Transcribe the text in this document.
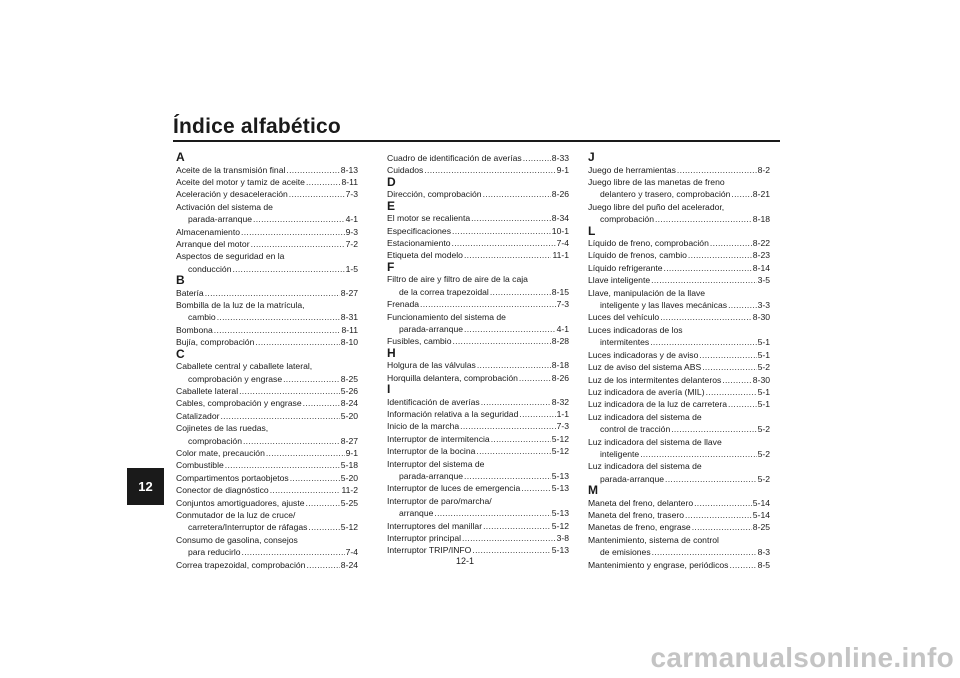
Índice alfabético
12
A
Aceite de la transmisión final .....	8-13
Aceite del motor y tamiz de aceite .....	8-11
Aceleración y desaceleración .....	7-3
Activación del sistema de
parada-arranque .....	4-1
Almacenamiento .....	9-3
Arranque del motor .....	7-2
Aspectos de seguridad en la
conducción .....	1-5
B
Batería .....	8-27
Bombilla de la luz de la matrícula,
cambio .....	8-31
Bombona .....	8-11
Bujía, comprobación .....	8-10
C
Caballete central y caballete lateral,
comprobación y engrase .....	8-25
Caballete lateral .....	5-26
Cables, comprobación y engrase .....	8-24
Catalizador .....	5-20
Cojinetes de las ruedas,
comprobación .....	8-27
Color mate, precaución .....	9-1
Combustible .....	5-18
Compartimentos portaobjetos .....	5-20
Conector de diagnóstico .....	11-2
Conjuntos amortiguadores, ajuste .....	5-25
Conmutador de la luz de cruce/
carretera/Interruptor de ráfagas .....	5-12
Consumo de gasolina, consejos
para reducirlo .....	7-4
Correa trapezoidal, comprobación .....	8-24
Cuadro de identificación de averías .....	8-33
Cuidados .....	9-1
D
Dirección, comprobación .....	8-26
E
El motor se recalienta .....	8-34
Especificaciones .....	10-1
Estacionamiento .....	7-4
Etiqueta del modelo .....	11-1
F
Filtro de aire y filtro de aire de la caja
de la correa trapezoidal .....	8-15
Frenada .....	7-3
Funcionamiento del sistema de
parada-arranque .....	4-1
Fusibles, cambio .....	8-28
H
Holgura de las válvulas .....	8-18
Horquilla delantera, comprobación .....	8-26
I
Identificación de averías .....	8-32
Información relativa a la seguridad .....	1-1
Inicio de la marcha .....	7-3
Interruptor de intermitencia .....	5-12
Interruptor de la bocina .....	5-12
Interruptor del sistema de
parada-arranque .....	5-13
Interruptor de luces de emergencia .....	5-13
Interruptor de paro/marcha/
arranque .....	5-13
Interruptores del manillar .....	5-12
Interruptor principal .....	3-8
Interruptor TRIP/INFO .....	5-13
J
Juego de herramientas .....	8-2
Juego libre de las manetas de freno
delantero y trasero, comprobación .....	8-21
Juego libre del puño del acelerador,
comprobación .....	8-18
L
Líquido de freno, comprobación .....	8-22
Líquido de frenos, cambio .....	8-23
Líquido refrigerante .....	8-14
Llave inteligente .....	3-5
Llave, manipulación de la llave
inteligente y las llaves mecánicas .....	3-3
Luces del vehículo .....	8-30
Luces indicadoras de los
intermitentes .....	5-1
Luces indicadoras y de aviso .....	5-1
Luz de aviso del sistema ABS .....	5-2
Luz de los intermitentes delanteros .....	8-30
Luz indicadora de avería (MIL) .....	5-1
Luz indicadora de la luz de carretera .....	5-1
Luz indicadora del sistema de
control de tracción .....	5-2
Luz indicadora del sistema de llave
inteligente .....	5-2
Luz indicadora del sistema de
parada-arranque .....	5-2
M
Maneta del freno, delantero .....	5-14
Maneta del freno, trasero .....	5-14
Manetas de freno, engrase .....	8-25
Mantenimiento, sistema de control
de emisiones .....	8-3
Mantenimiento y engrase, periódicos .....	8-5

12-1

carmanualsonline.info
